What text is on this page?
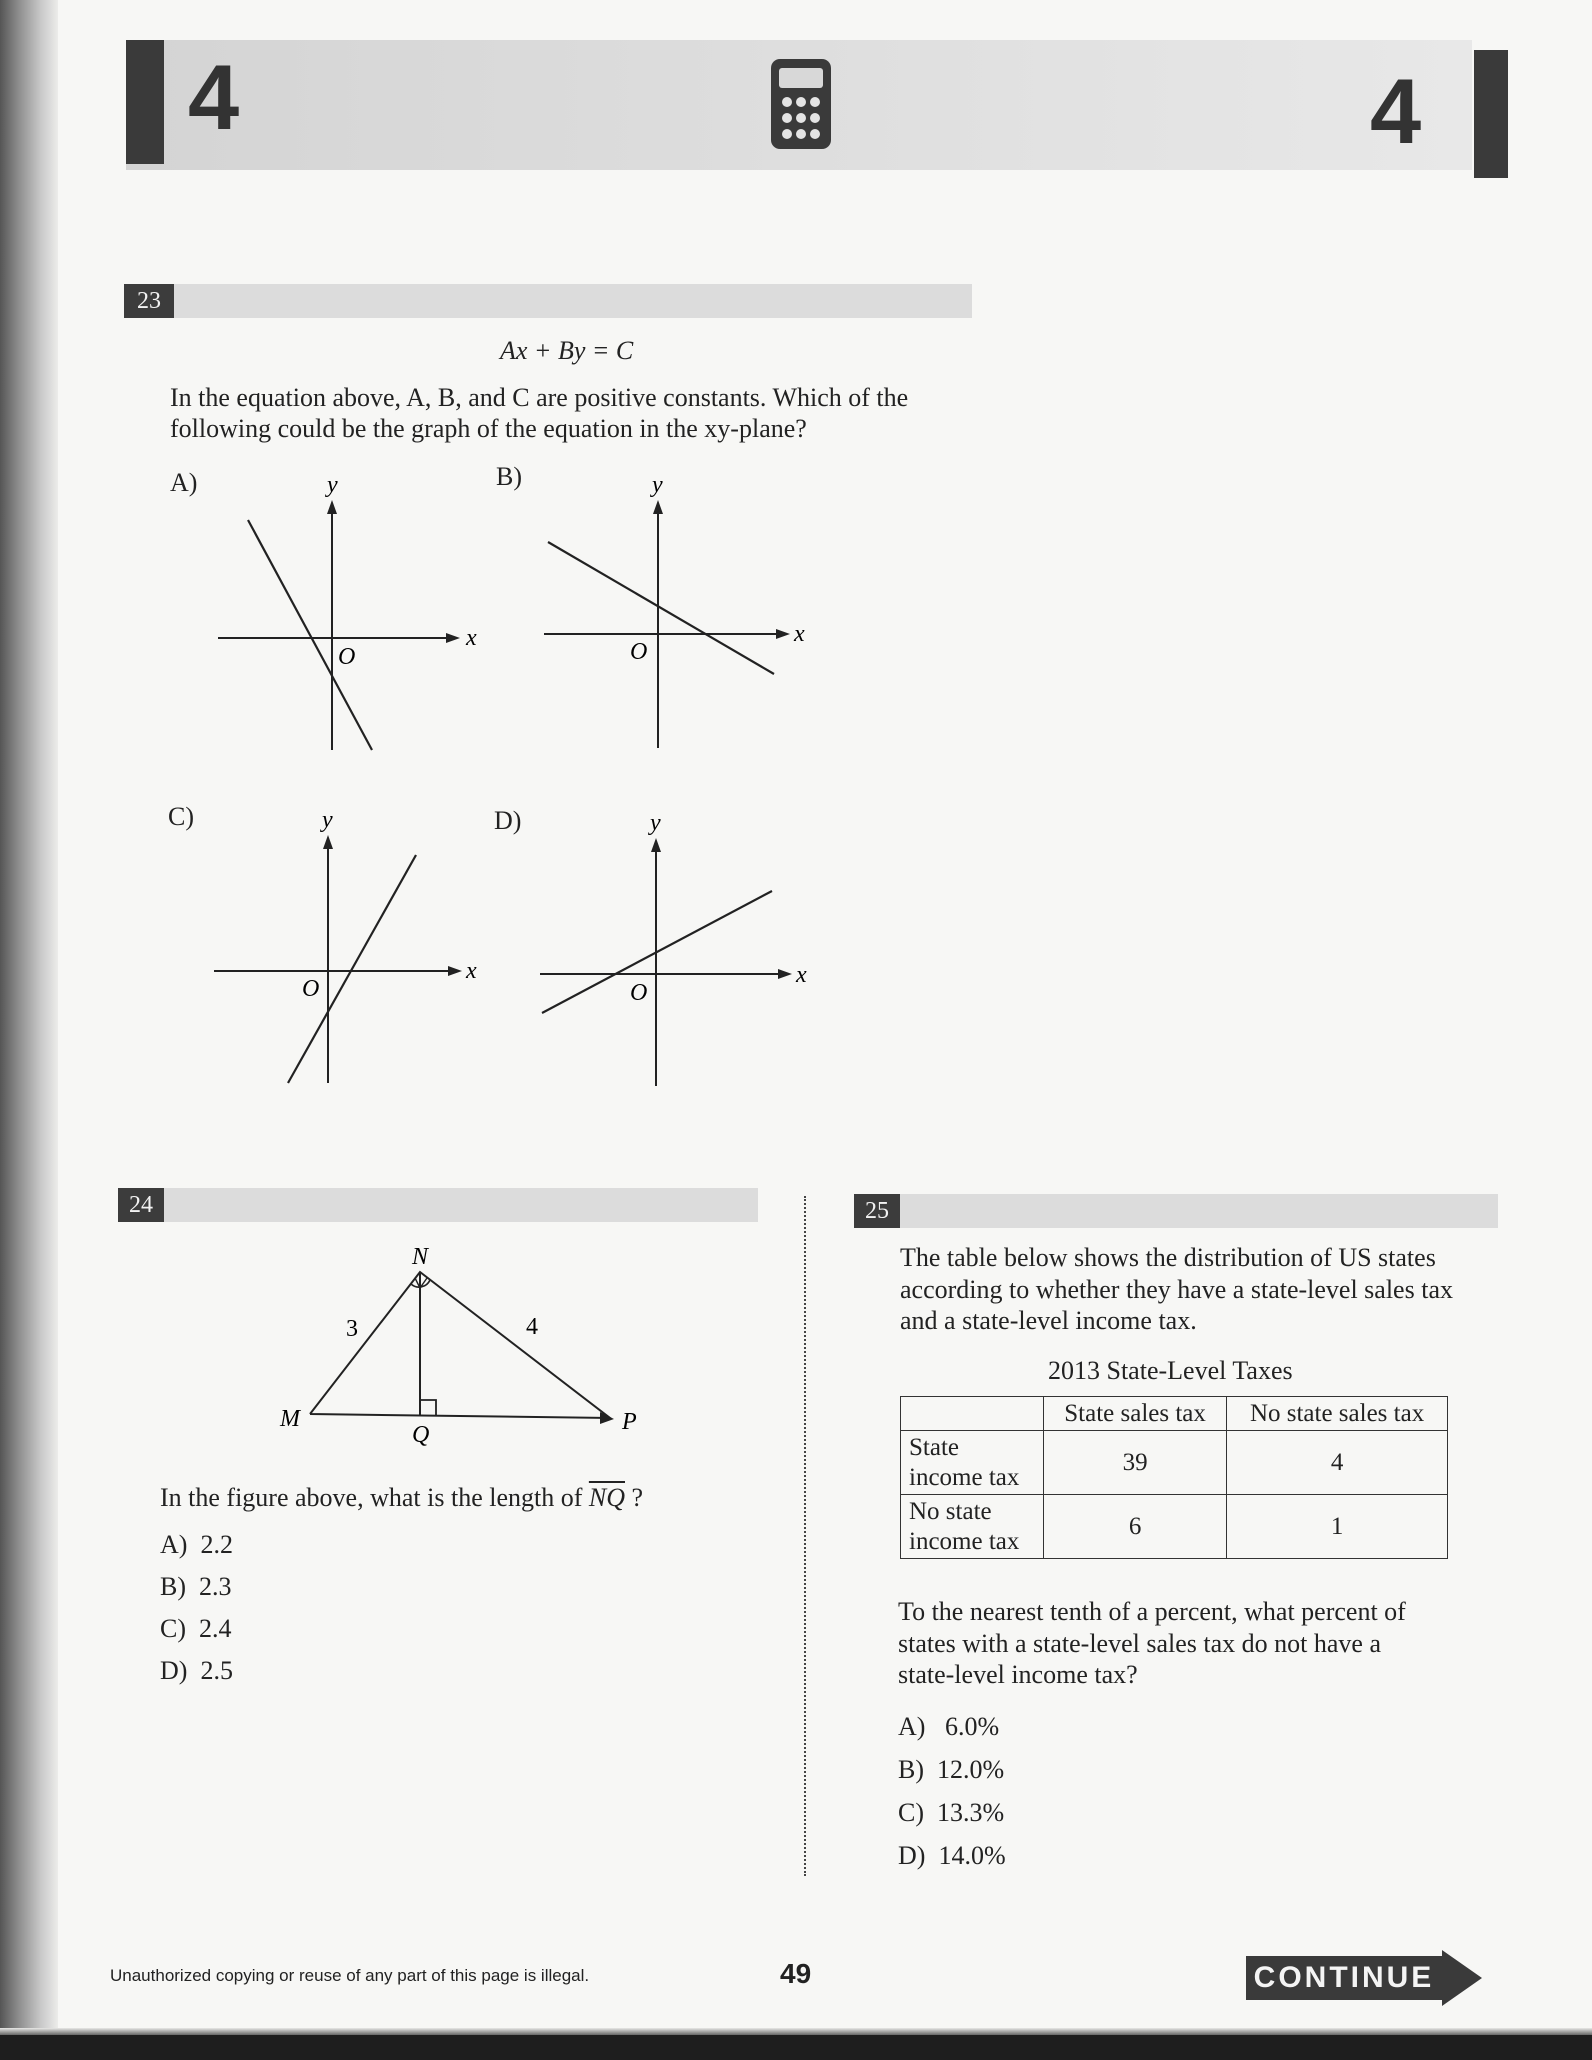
4	4
23
Ax + By = C
In the equation above, A, B, and C are positive constants. Which of the
following could be the graph of the equation in the xy-plane?
A)	y
x
O
B)	y
x
O
C)	y
x
O
D)	y
x
O
24
N
M	P
Q
3	4
In the figure above, what is the length of $\overline{NQ}$ ?
A) 2.2
B) 2.3
C) 2.4
D) 2.5
25
The table below shows the distribution of US states
according to whether they have a state-level sales tax
and a state-level income tax.
2013 State-Level Taxes
	State sales tax	No state sales tax

State
income tax	39	4

No state
income tax	6	1
To the nearest tenth of a percent, what percent of
states with a state-level sales tax do not have a
state-level income tax?
A) 6.0%
B) 12.0%
C) 13.3%
D) 14.0%
Unauthorized copying or reuse of any part of this page is illegal.	49	CONTINUE
